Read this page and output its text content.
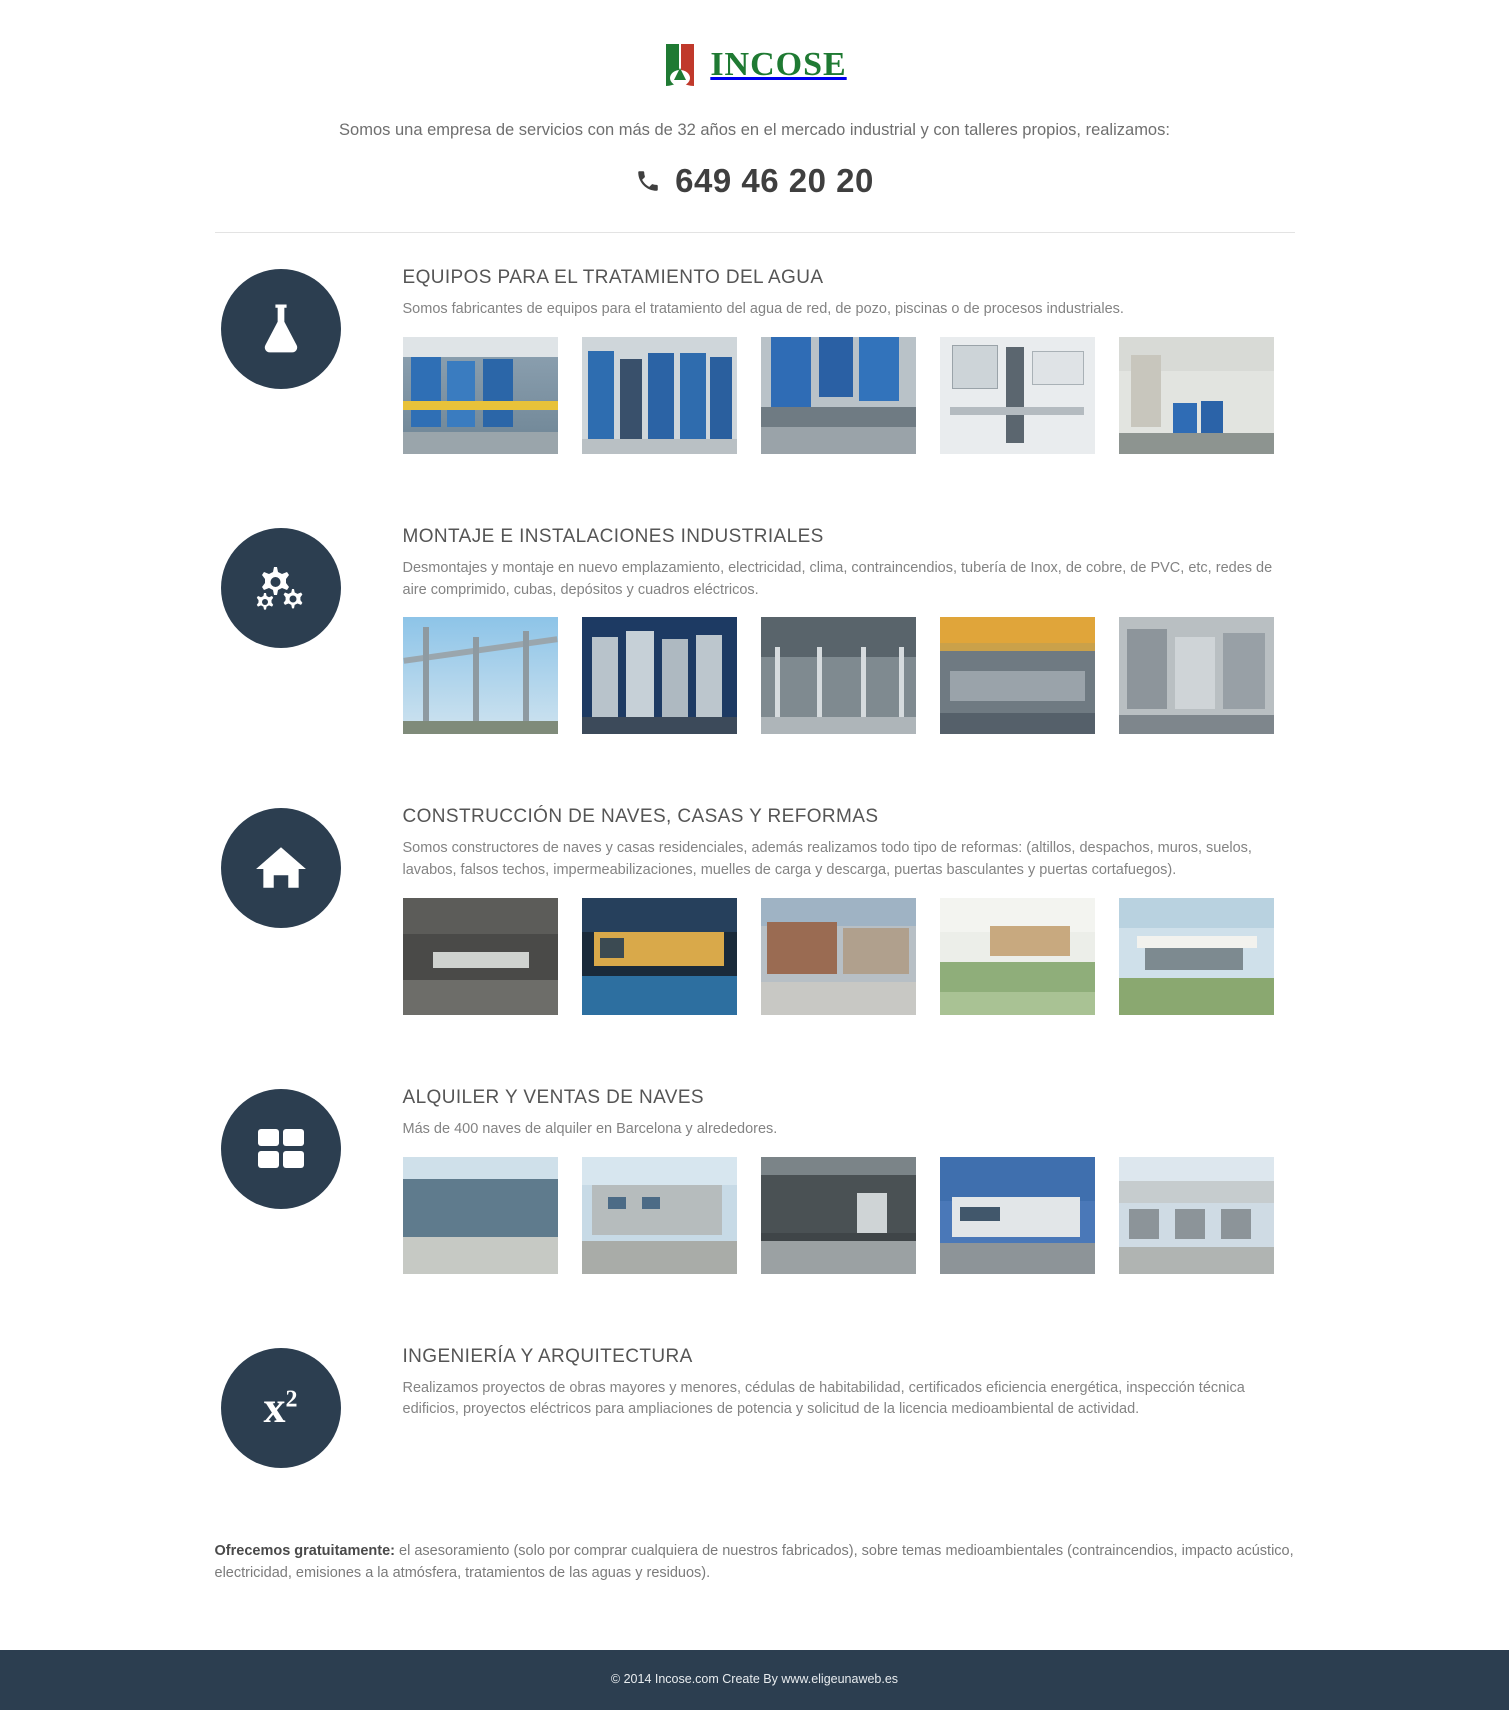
INCOSE
Somos una empresa de servicios con más de 32 años en el mercado industrial y con talleres propios, realizamos:
649 46 20 20
EQUIPOS PARA EL TRATAMIENTO DEL AGUA

Somos fabricantes de equipos para el tratamiento del agua de red, de pozo, piscinas o de procesos industriales.

MONTAJE E INSTALACIONES INDUSTRIALES

Desmontajes y montaje en nuevo emplazamiento, electricidad, clima, contraincendios, tubería de Inox, de cobre, de PVC, etc, redes de aire comprimido, cubas, depósitos y cuadros eléctricos.

CONSTRUCCIÓN DE NAVES, CASAS Y REFORMAS

Somos constructores de naves y casas residenciales, además realizamos todo tipo de reformas: (altillos, despachos, muros, suelos, lavabos, falsos techos, impermeabilizaciones, muelles de carga y descarga, puertas basculantes y puertas cortafuegos).

ALQUILER Y VENTAS DE NAVES

Más de 400 naves de alquiler en Barcelona y alrededores.

$x^2$
INGENIERÍA Y ARQUITECTURA

Realizamos proyectos de obras mayores y menores, cédulas de habitabilidad, certificados eficiencia energética, inspección técnica edificios, proyectos eléctricos para ampliaciones de potencia y solicitud de la licencia medioambiental de actividad.

Ofrecemos gratuitamente: el asesoramiento (solo por comprar cualquiera de nuestros fabricados), sobre temas medioambientales (contraincendios, impacto acústico, electricidad, emisiones a la atmósfera, tratamientos de las aguas y residuos).

© 2014 Incose.com Create By www.eligeunaweb.es
